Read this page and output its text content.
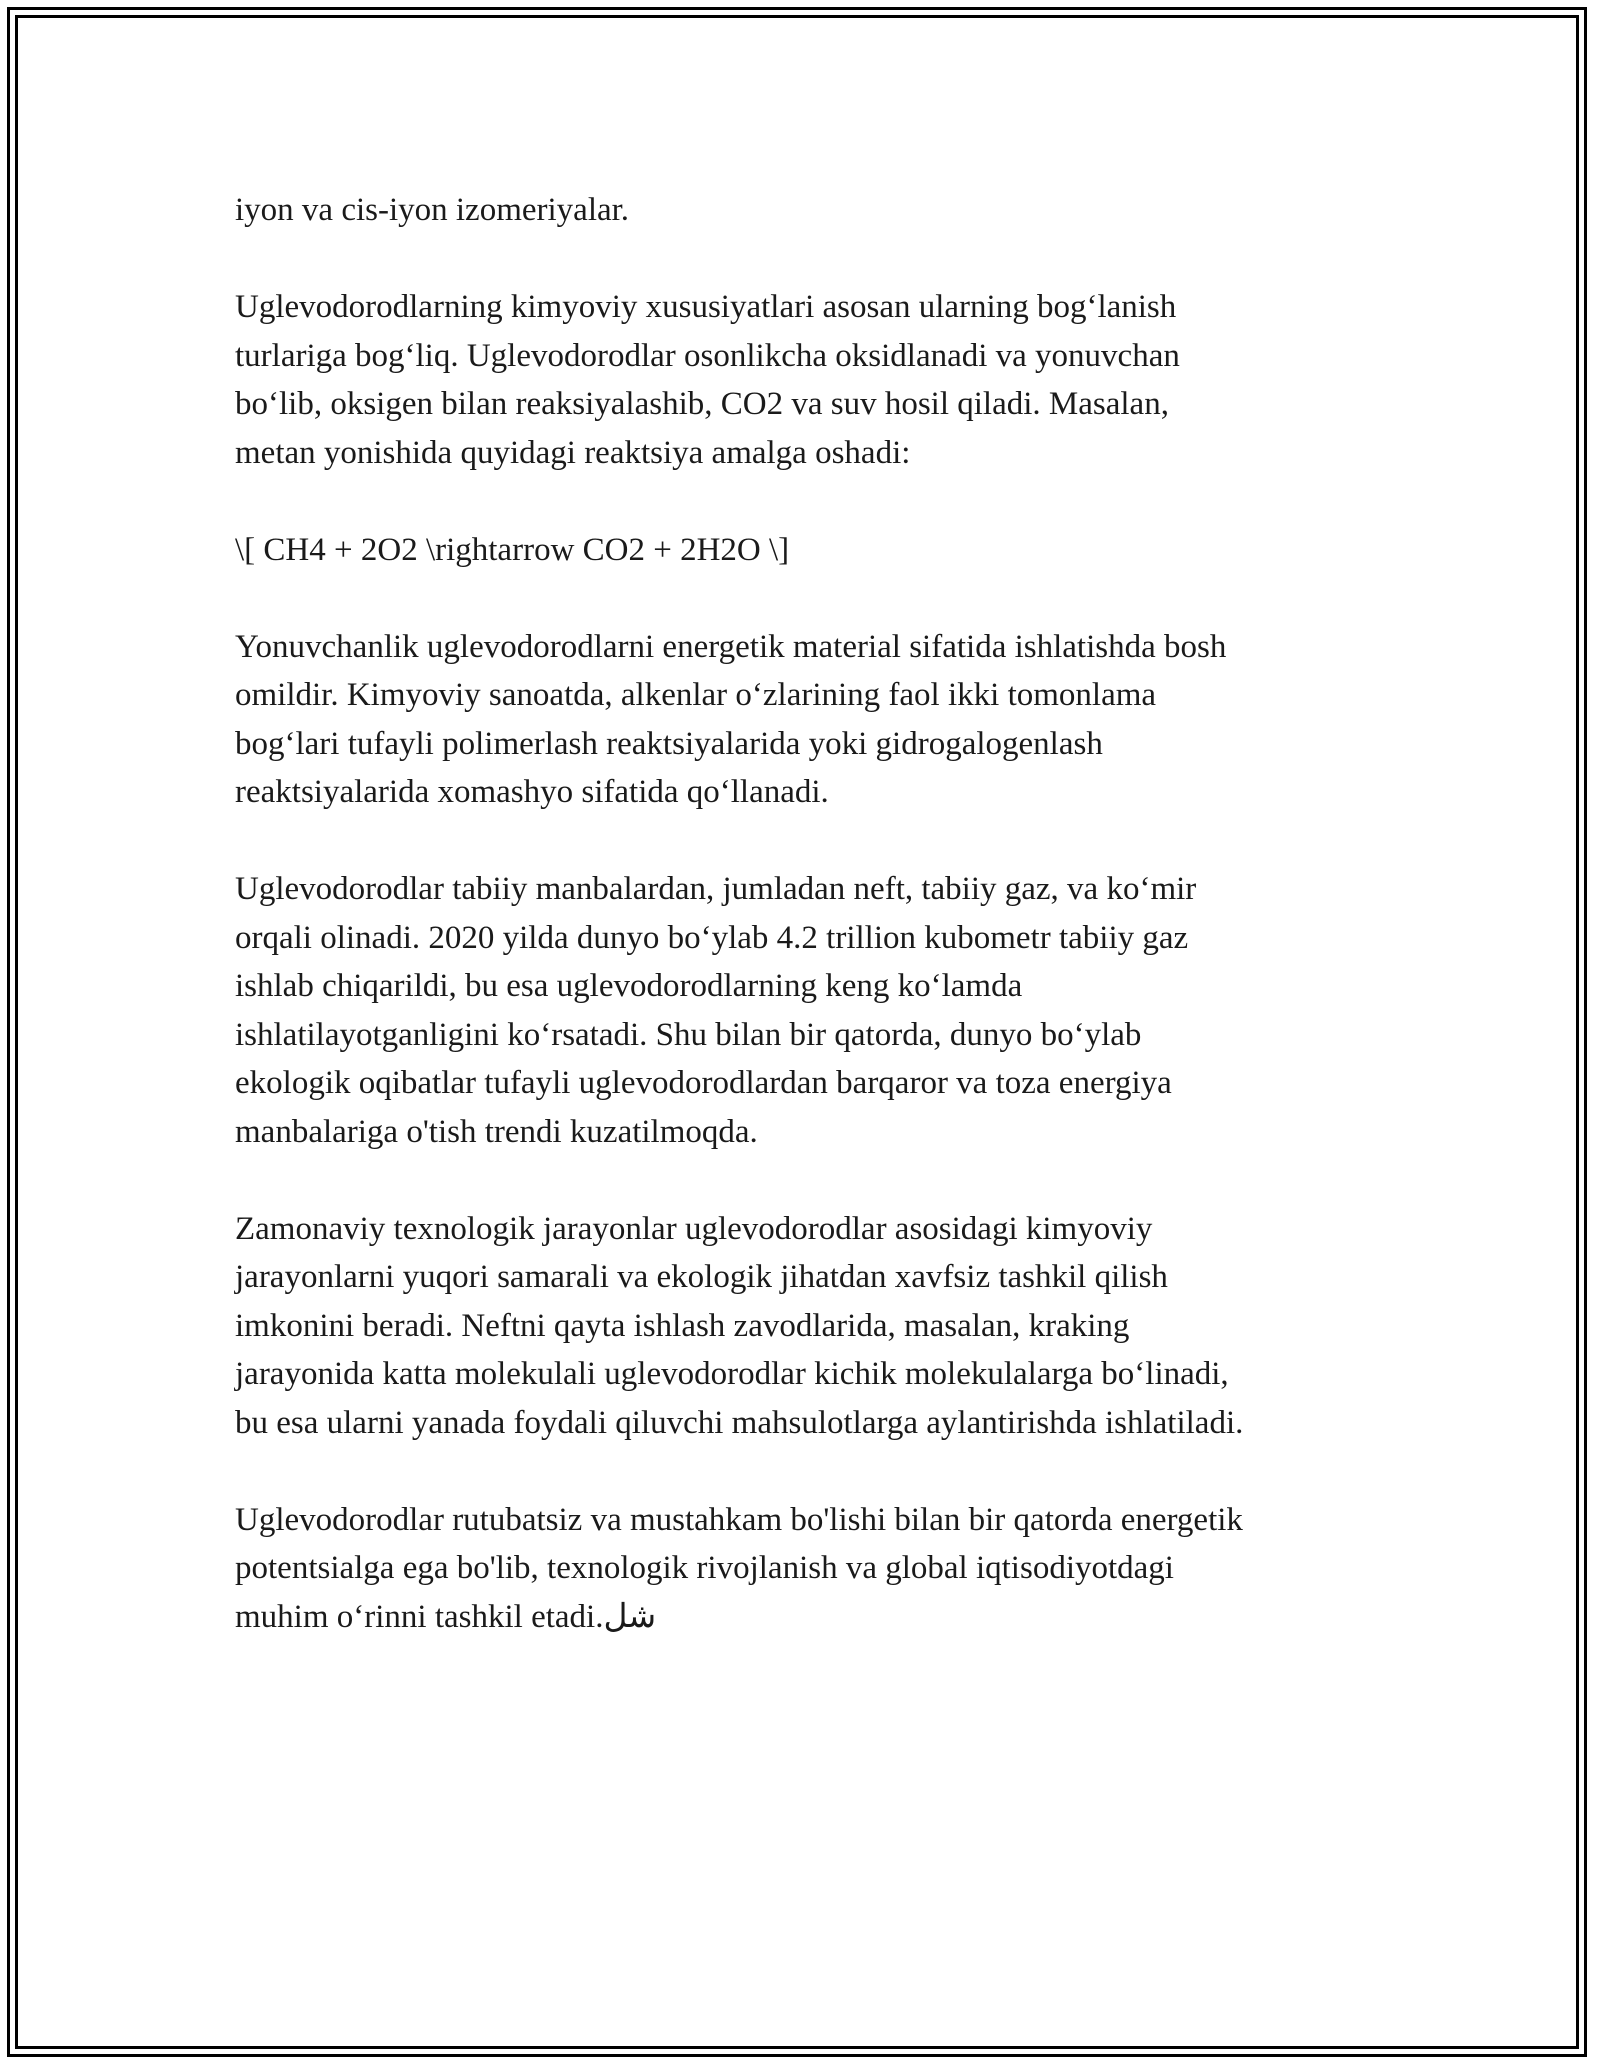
iyon va cis-iyon izomeriyalar.

Uglevodorodlarning kimyoviy xususiyatlari asosan ularning bog‘lanish
turlariga bog‘liq. Uglevodorodlar osonlikcha oksidlanadi va yonuvchan
bo‘lib, oksigen bilan reaksiyalashib, CO2 va suv hosil qiladi. Masalan,
metan yonishida quyidagi reaktsiya amalga oshadi:

\[ CH4 + 2O2 \rightarrow CO2 + 2H2O \]

Yonuvchanlik uglevodorodlarni energetik material sifatida ishlatishda bosh
omildir. Kimyoviy sanoatda, alkenlar o‘zlarining faol ikki tomonlama
bog‘lari tufayli polimerlash reaktsiyalarida yoki gidrogalogenlash
reaktsiyalarida xomashyo sifatida qo‘llanadi.

Uglevodorodlar tabiiy manbalardan, jumladan neft, tabiiy gaz, va ko‘mir
orqali olinadi. 2020 yilda dunyo bo‘ylab 4.2 trillion kubometr tabiiy gaz
ishlab chiqarildi, bu esa uglevodorodlarning keng ko‘lamda
ishlatilayotganligini ko‘rsatadi. Shu bilan bir qatorda, dunyo bo‘ylab
ekologik oqibatlar tufayli uglevodorodlardan barqaror va toza energiya
manbalariga o'tish trendi kuzatilmoqda.

Zamonaviy texnologik jarayonlar uglevodorodlar asosidagi kimyoviy
jarayonlarni yuqori samarali va ekologik jihatdan xavfsiz tashkil qilish
imkonini beradi. Neftni qayta ishlash zavodlarida, masalan, kraking
jarayonida katta molekulali uglevodorodlar kichik molekulalarga bo‘linadi,
bu esa ularni yanada foydali qiluvchi mahsulotlarga aylantirishda ishlatiladi.

Uglevodorodlar rutubatsiz va mustahkam bo'lishi bilan bir qatorda energetik
potentsialga ega bo'lib, texnologik rivojlanish va global iqtisodiyotdagi
muhim o‘rinni tashkil etadi.شل
